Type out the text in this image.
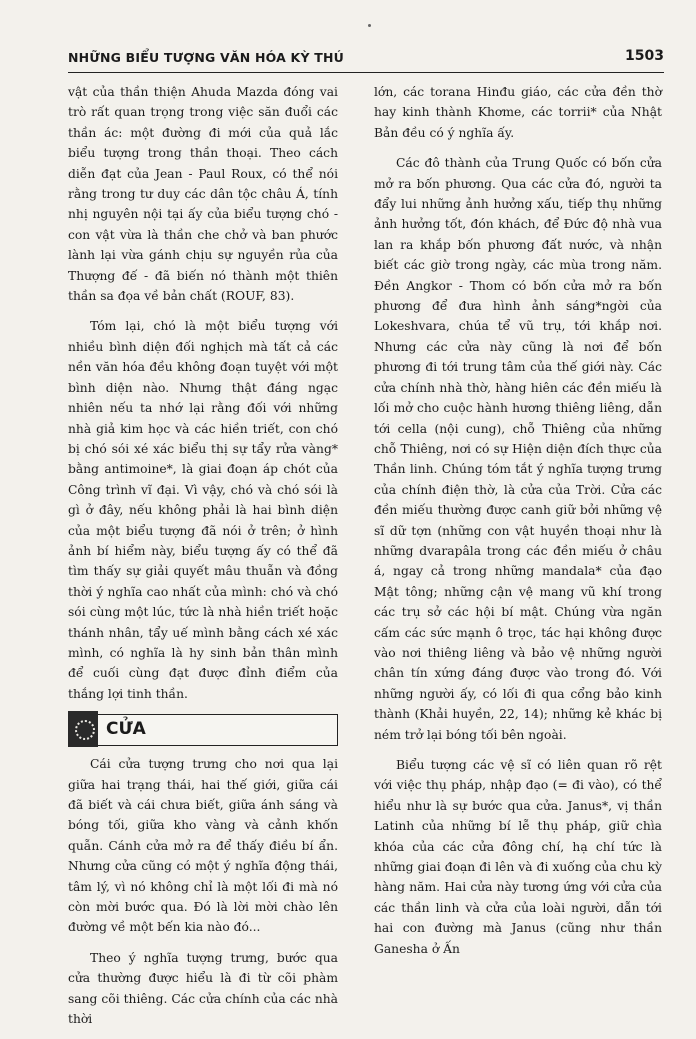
NHỮNG BIỂU TƯỢNG VĂN HÓA KỲ THÚ	1503

vật của thần thiện Ahuda Mazda đóng vai trò rất quan trọng trong việc săn đuổi các thần ác: một đường đi mới của quả lắc biểu tượng trong thần thoại. Theo cách diễn đạt của Jean - Paul Roux, có thể nói rằng trong tư duy các dân tộc châu Á, tính nhị nguyên nội tại ấy của biểu tượng chó - con vật vừa là thần che chở và ban phước lành lại vừa gánh chịu sự nguyền rủa của Thượng đế - đã biến nó thành một thiên thần sa đọa về bản chất (ROUF, 83).

Tóm lại, chó là một biểu tượng với nhiều bình diện đối nghịch mà tất cả các nền văn hóa đều không đoạn tuyệt với một bình diện nào. Nhưng thật đáng ngạc nhiên nếu ta nhớ lại rằng đối với những nhà giả kim học và các hiền triết, con chó bị chó sói xé xác biểu thị sự tẩy rửa vàng* bằng antimoine*, là giai đoạn áp chót của Công trình vĩ đại. Vì vậy, chó và chó sói là gì ở đây, nếu không phải là hai bình diện của một biểu tượng đã nói ở trên; ở hình ảnh bí hiểm này, biểu tượng ấy có thể đã tìm thấy sự giải quyết mâu thuẫn và đồng thời ý nghĩa cao nhất của mình: chó và chó sói cùng một lúc, tức là nhà hiền triết hoặc thánh nhân, tẩy uế mình bằng cách xé xác mình, có nghĩa là hy sinh bản thân mình để cuối cùng đạt được đỉnh điểm của thắng lợi tinh thần.

CỬA

Cái cửa tượng trưng cho nơi qua lại giữa hai trạng thái, hai thế giới, giữa cái đã biết và cái chưa biết, giữa ánh sáng và bóng tối, giữa kho vàng và cảnh khốn quẫn. Cánh cửa mở ra để thấy điều bí ẩn. Nhưng cửa cũng có một ý nghĩa động thái, tâm lý, vì nó không chỉ là một lối đi mà nó còn mời bước qua. Đó là lời mời chào lên đường về một bến kia nào đó...

Theo ý nghĩa tượng trưng, bước qua cửa thường được hiểu là đi từ cõi phàm sang cõi thiêng. Các cửa chính của các nhà thời

lớn, các torana Hinđu giáo, các cửa đền thờ hay kinh thành Khơme, các torrii* của Nhật Bản đều có ý nghĩa ấy.

Các đô thành của Trung Quốc có bốn cửa mở ra bốn phương. Qua các cửa đó, người ta đẩy lui những ảnh hưởng xấu, tiếp thụ những ảnh hưởng tốt, đón khách, để Đức độ nhà vua lan ra khắp bốn phương đất nước, và nhận biết các giờ trong ngày, các mùa trong năm. Đền Angkor - Thom có bốn cửa mở ra bốn phương để đưa hình ảnh sáng*ngời của Lokeshvara, chúa tể vũ trụ, tới khắp nơi. Nhưng các cửa này cũng là nơi để bốn phương đi tới trung tâm của thế giới này. Các cửa chính nhà thờ, hàng hiên các đền miếu là lối mở cho cuộc hành hương thiêng liêng, dẫn tới cella (nội cung), chỗ Thiêng của những chỗ Thiêng, nơi có sự Hiện diện đích thực của Thần linh. Chúng tóm tắt ý nghĩa tượng trưng của chính điện thờ, là cửa của Trời. Cửa các đền miếu thường được canh giữ bởi những vệ sĩ dữ tợn (những con vật huyền thoại như là những dvarapâla trong các đền miếu ở châu á, ngay cả trong những mandala* của đạo Mật tông; những cận vệ mang vũ khí trong các trụ sở các hội bí mật. Chúng vừa ngăn cấm các sức mạnh ô trọc, tác hại không được vào nơi thiêng liêng và bảo vệ những người chân tín xứng đáng được vào trong đó. Với những người ấy, có lối đi qua cổng bảo kinh thành (Khải huyền, 22, 14); những kẻ khác bị ném trở lại bóng tối bên ngoài.

Biểu tượng các vệ sĩ có liên quan rõ rệt với việc thụ pháp, nhập đạo (= đi vào), có thể hiểu như là sự bước qua cửa. Janus*, vị thần Latinh của những bí lễ thụ pháp, giữ chìa khóa của các cửa đông chí, hạ chí tức là những giai đoạn đi lên và đi xuống của chu kỳ hàng năm. Hai cửa này tương ứng với cửa của các thần linh và cửa của loài người, dẫn tới hai con đường mà Janus (cũng như thần Ganesha ở Ấn
